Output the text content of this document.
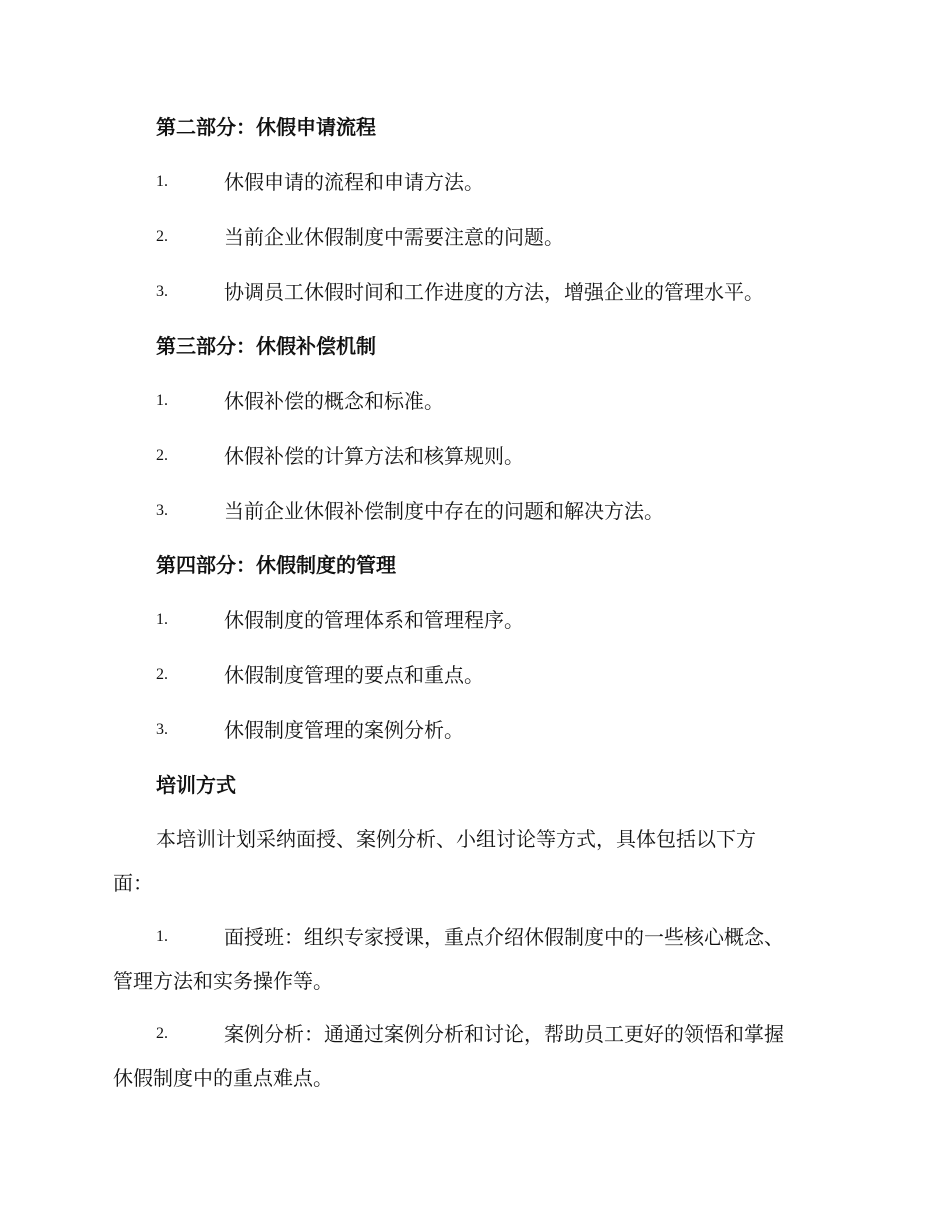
第二部分：休假申请流程
1.	休假申请的流程和申请方法。
2.	当前企业休假制度中需要注意的问题。
3.	协调员工休假时间和工作进度的方法，增强企业的管理水平。
第三部分：休假补偿机制
1.	休假补偿的概念和标准。
2.	休假补偿的计算方法和核算规则。
3.	当前企业休假补偿制度中存在的问题和解决方法。
第四部分：休假制度的管理
1.	休假制度的管理体系和管理程序。
2.	休假制度管理的要点和重点。
3.	休假制度管理的案例分析。
培训方式
本培训计划采纳面授、案例分析、小组讨论等方式，具体包括以下方
面：
1.	面授班：组织专家授课，重点介绍休假制度中的一些核心概念、
管理方法和实务操作等。
2.	案例分析：通通过案例分析和讨论，帮助员工更好的领悟和掌握
休假制度中的重点难点。
